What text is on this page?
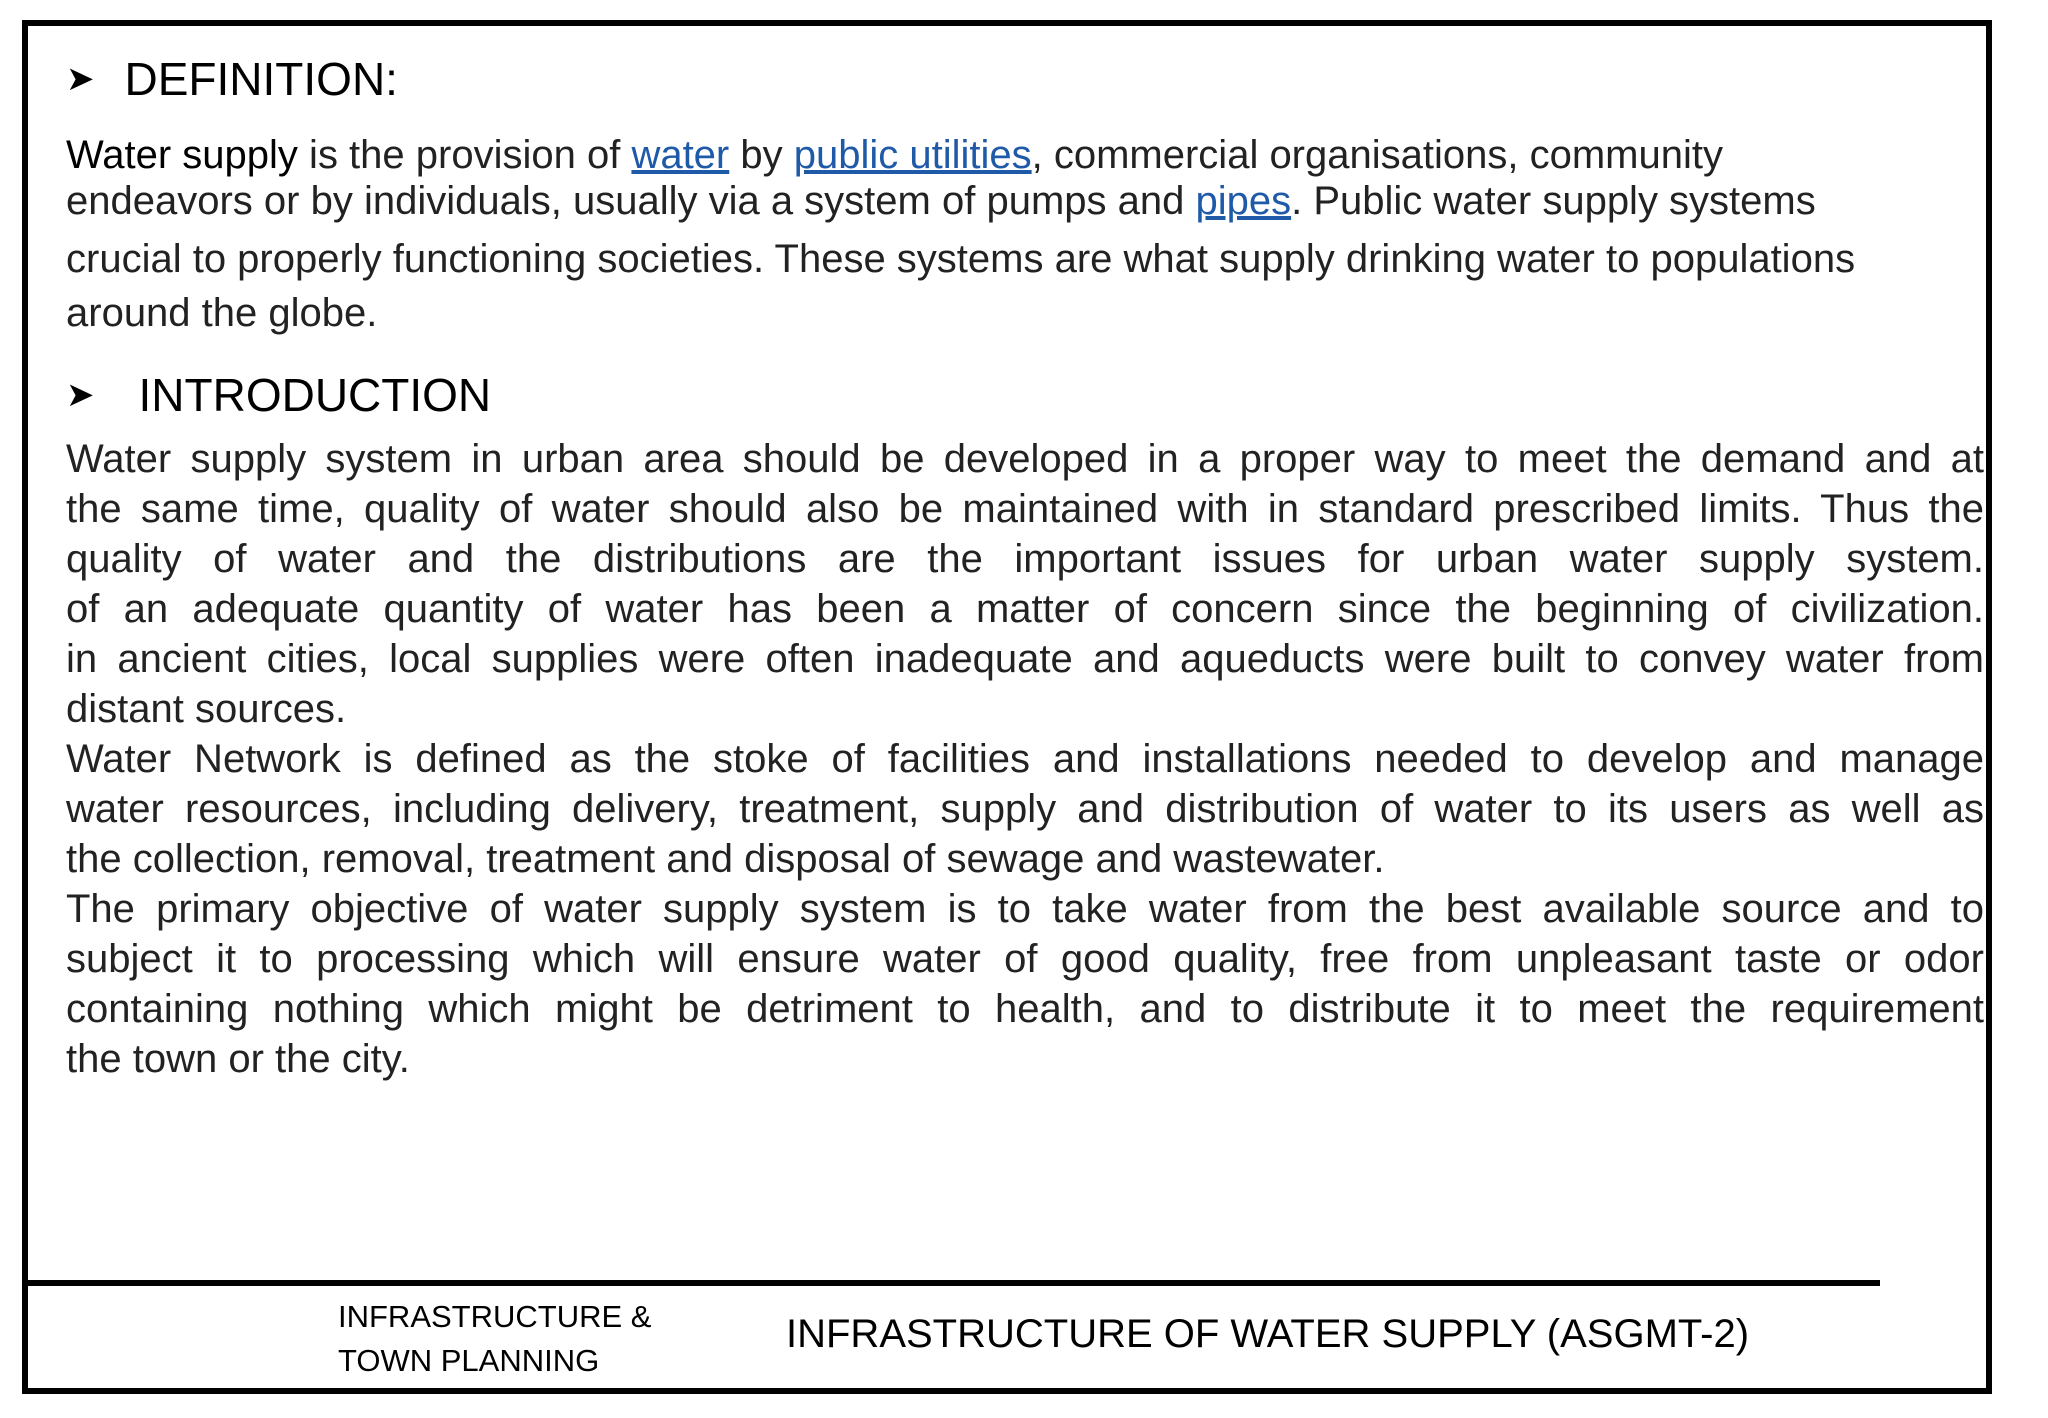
➤ DEFINITION:
Water supply is the provision of water by public utilities, commercial organisations, community
endeavors or by individuals, usually via a system of pumps and pipes. Public water supply systems
crucial to properly functioning societies. These systems are what supply drinking water to populations
around the globe.
➤ INTRODUCTION
Water supply system in urban area should be developed in a proper way to meet the demand and at
the same time, quality of water should also be maintained with in standard prescribed limits. Thus the
quality of water and the distributions are the important issues for urban water supply system.
of an adequate quantity of water has been a matter of concern since the beginning of civilization.
in ancient cities, local supplies were often inadequate and aqueducts were built to convey water from
distant sources.
Water Network is defined as the stoke of facilities and installations needed to develop and manage
water resources, including delivery, treatment, supply and distribution of water to its users as well as
the collection, removal, treatment and disposal of sewage and wastewater.
The primary objective of water supply system is to take water from the best available source and to
subject it to processing which will ensure water of good quality, free from unpleasant taste or odor
containing nothing which might be detriment to health, and to distribute it to meet the requirement
the town or the city.
INFRASTRUCTURE &
TOWN PLANNING
INFRASTRUCTURE OF WATER SUPPLY (ASGMT-2)
